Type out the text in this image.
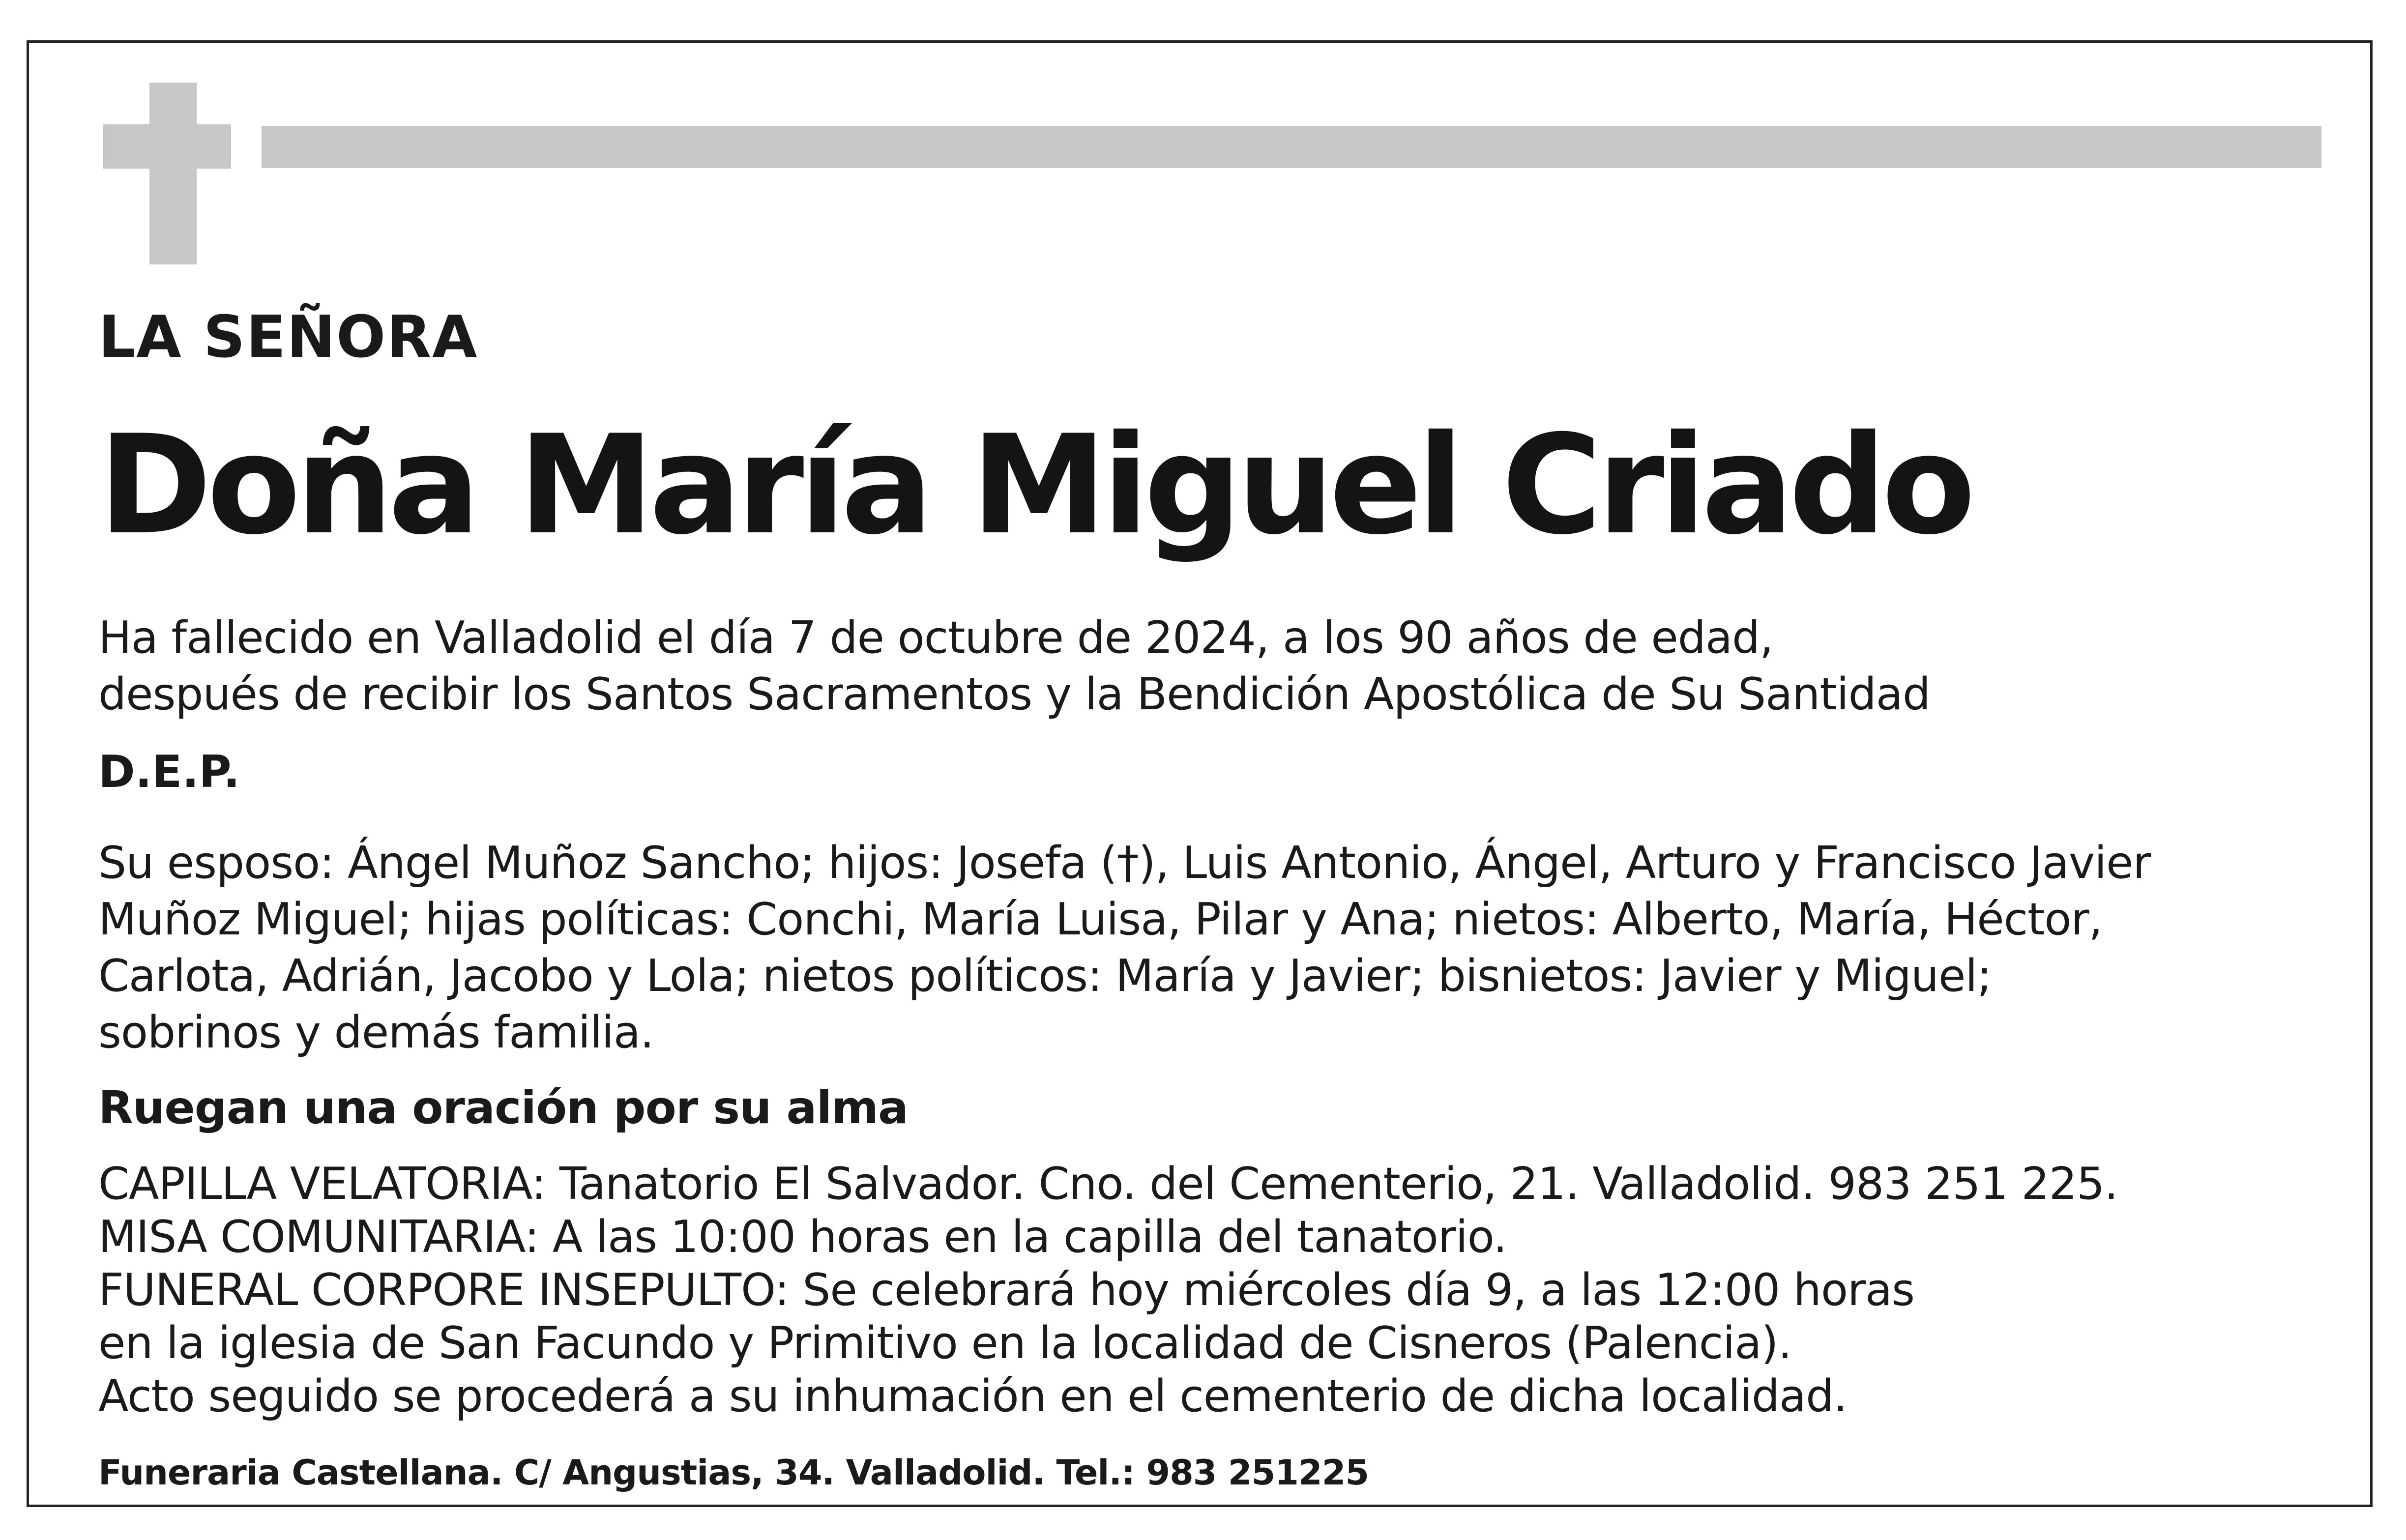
LA SEÑORA
Doña María Miguel Criado
Ha fallecido en Valladolid el día 7 de octubre de 2024, a los 90 años de edad,
después de recibir los Santos Sacramentos y la Bendición Apostólica de Su Santidad
D.E.P.
Su esposo: Ángel Muñoz Sancho; hijos: Josefa (†), Luis Antonio, Ángel, Arturo y Francisco Javier
Muñoz Miguel; hijas políticas: Conchi, María Luisa, Pilar y Ana; nietos: Alberto, María, Héctor,
Carlota, Adrián, Jacobo y Lola; nietos políticos: María y Javier; bisnietos: Javier y Miguel;
sobrinos y demás familia.
Ruegan una oración por su alma
CAPILLA VELATORIA: Tanatorio El Salvador. Cno. del Cementerio, 21. Valladolid. 983 251 225.
MISA COMUNITARIA: A las 10:00 horas en la capilla del tanatorio.
FUNERAL CORPORE INSEPULTO: Se celebrará hoy miércoles día 9, a las 12:00 horas
en la iglesia de San Facundo y Primitivo en la localidad de Cisneros (Palencia).
Acto seguido se procederá a su inhumación en el cementerio de dicha localidad.
Funeraria Castellana. C/ Angustias, 34. Valladolid. Tel.: 983 251225
